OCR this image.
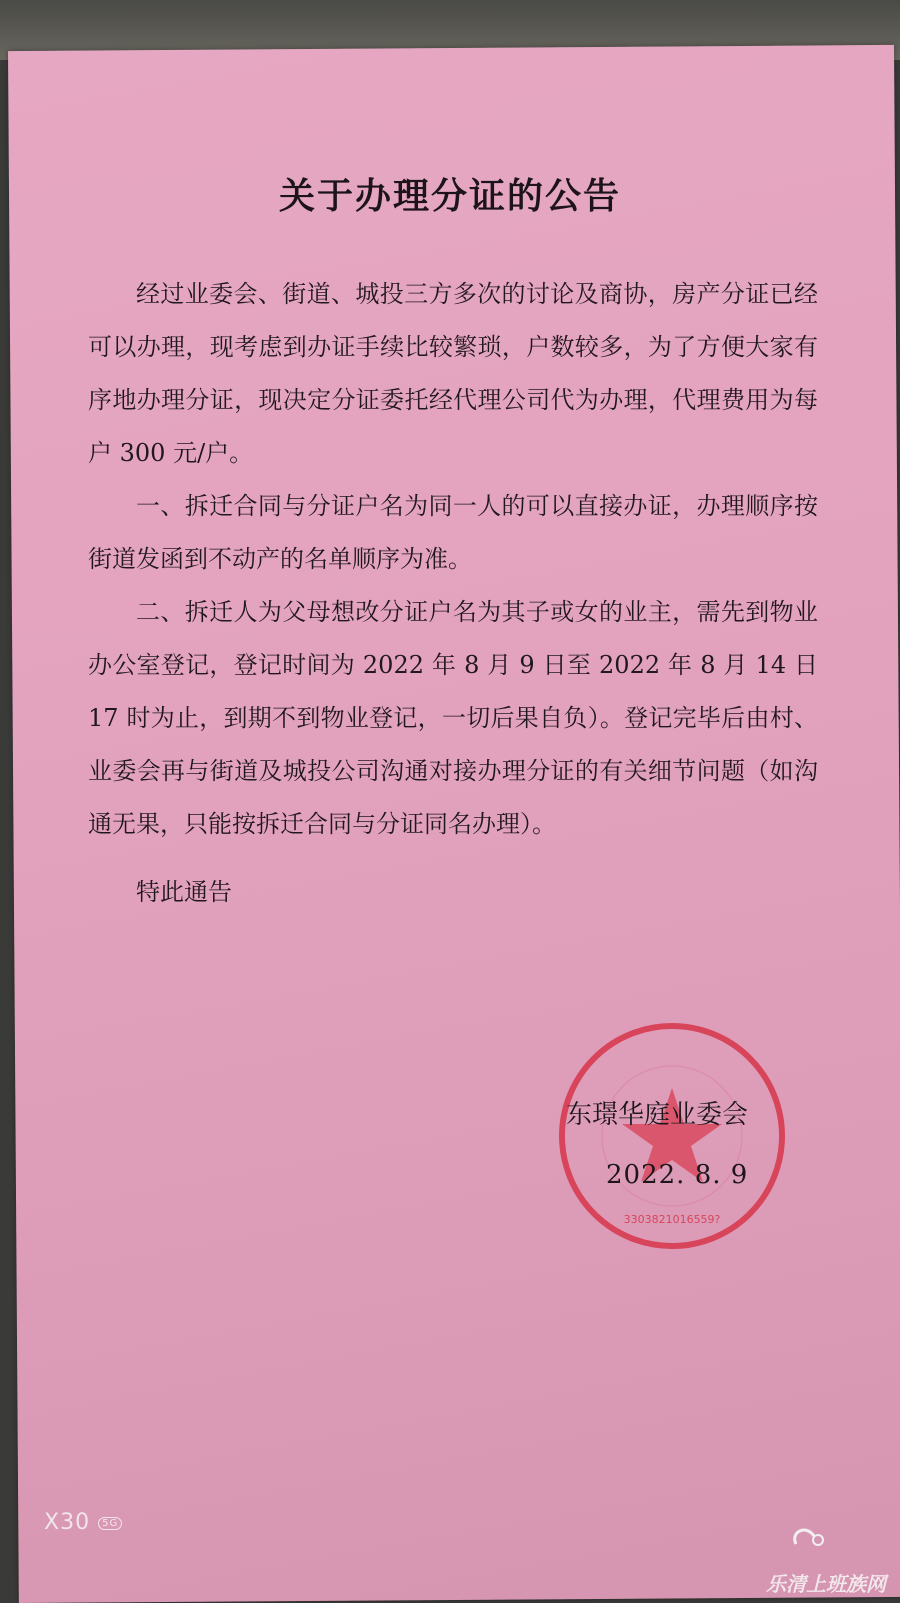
关于办理分证的公告

经过业委会、街道、城投三方多次的讨论及商协，房产分证已经可以办理，现考虑到办证手续比较繁琐，户数较多，为了方便大家有序地办理分证，现决定分证委托经代理公司代为办理，代理费用为每户 300 元/户。

一、拆迁合同与分证户名为同一人的可以直接办证，办理顺序按街道发函到不动产的名单顺序为准。

二、拆迁人为父母想改分证户名为其子或女的业主，需先到物业办公室登记，登记时间为 2022 年 8 月 9 日至 2022 年 8 月 14 日 17 时为止，到期不到物业登记，一切后果自负）。登记完毕后由村、业委会再与街道及城投公司沟通对接办理分证的有关细节问题（如沟通无果，只能按拆迁合同与分证同名办理）。

特此通告
3303821016559?
东璟华庭业委会
2022. 8. 9
X30 5G
乐清上班族网
